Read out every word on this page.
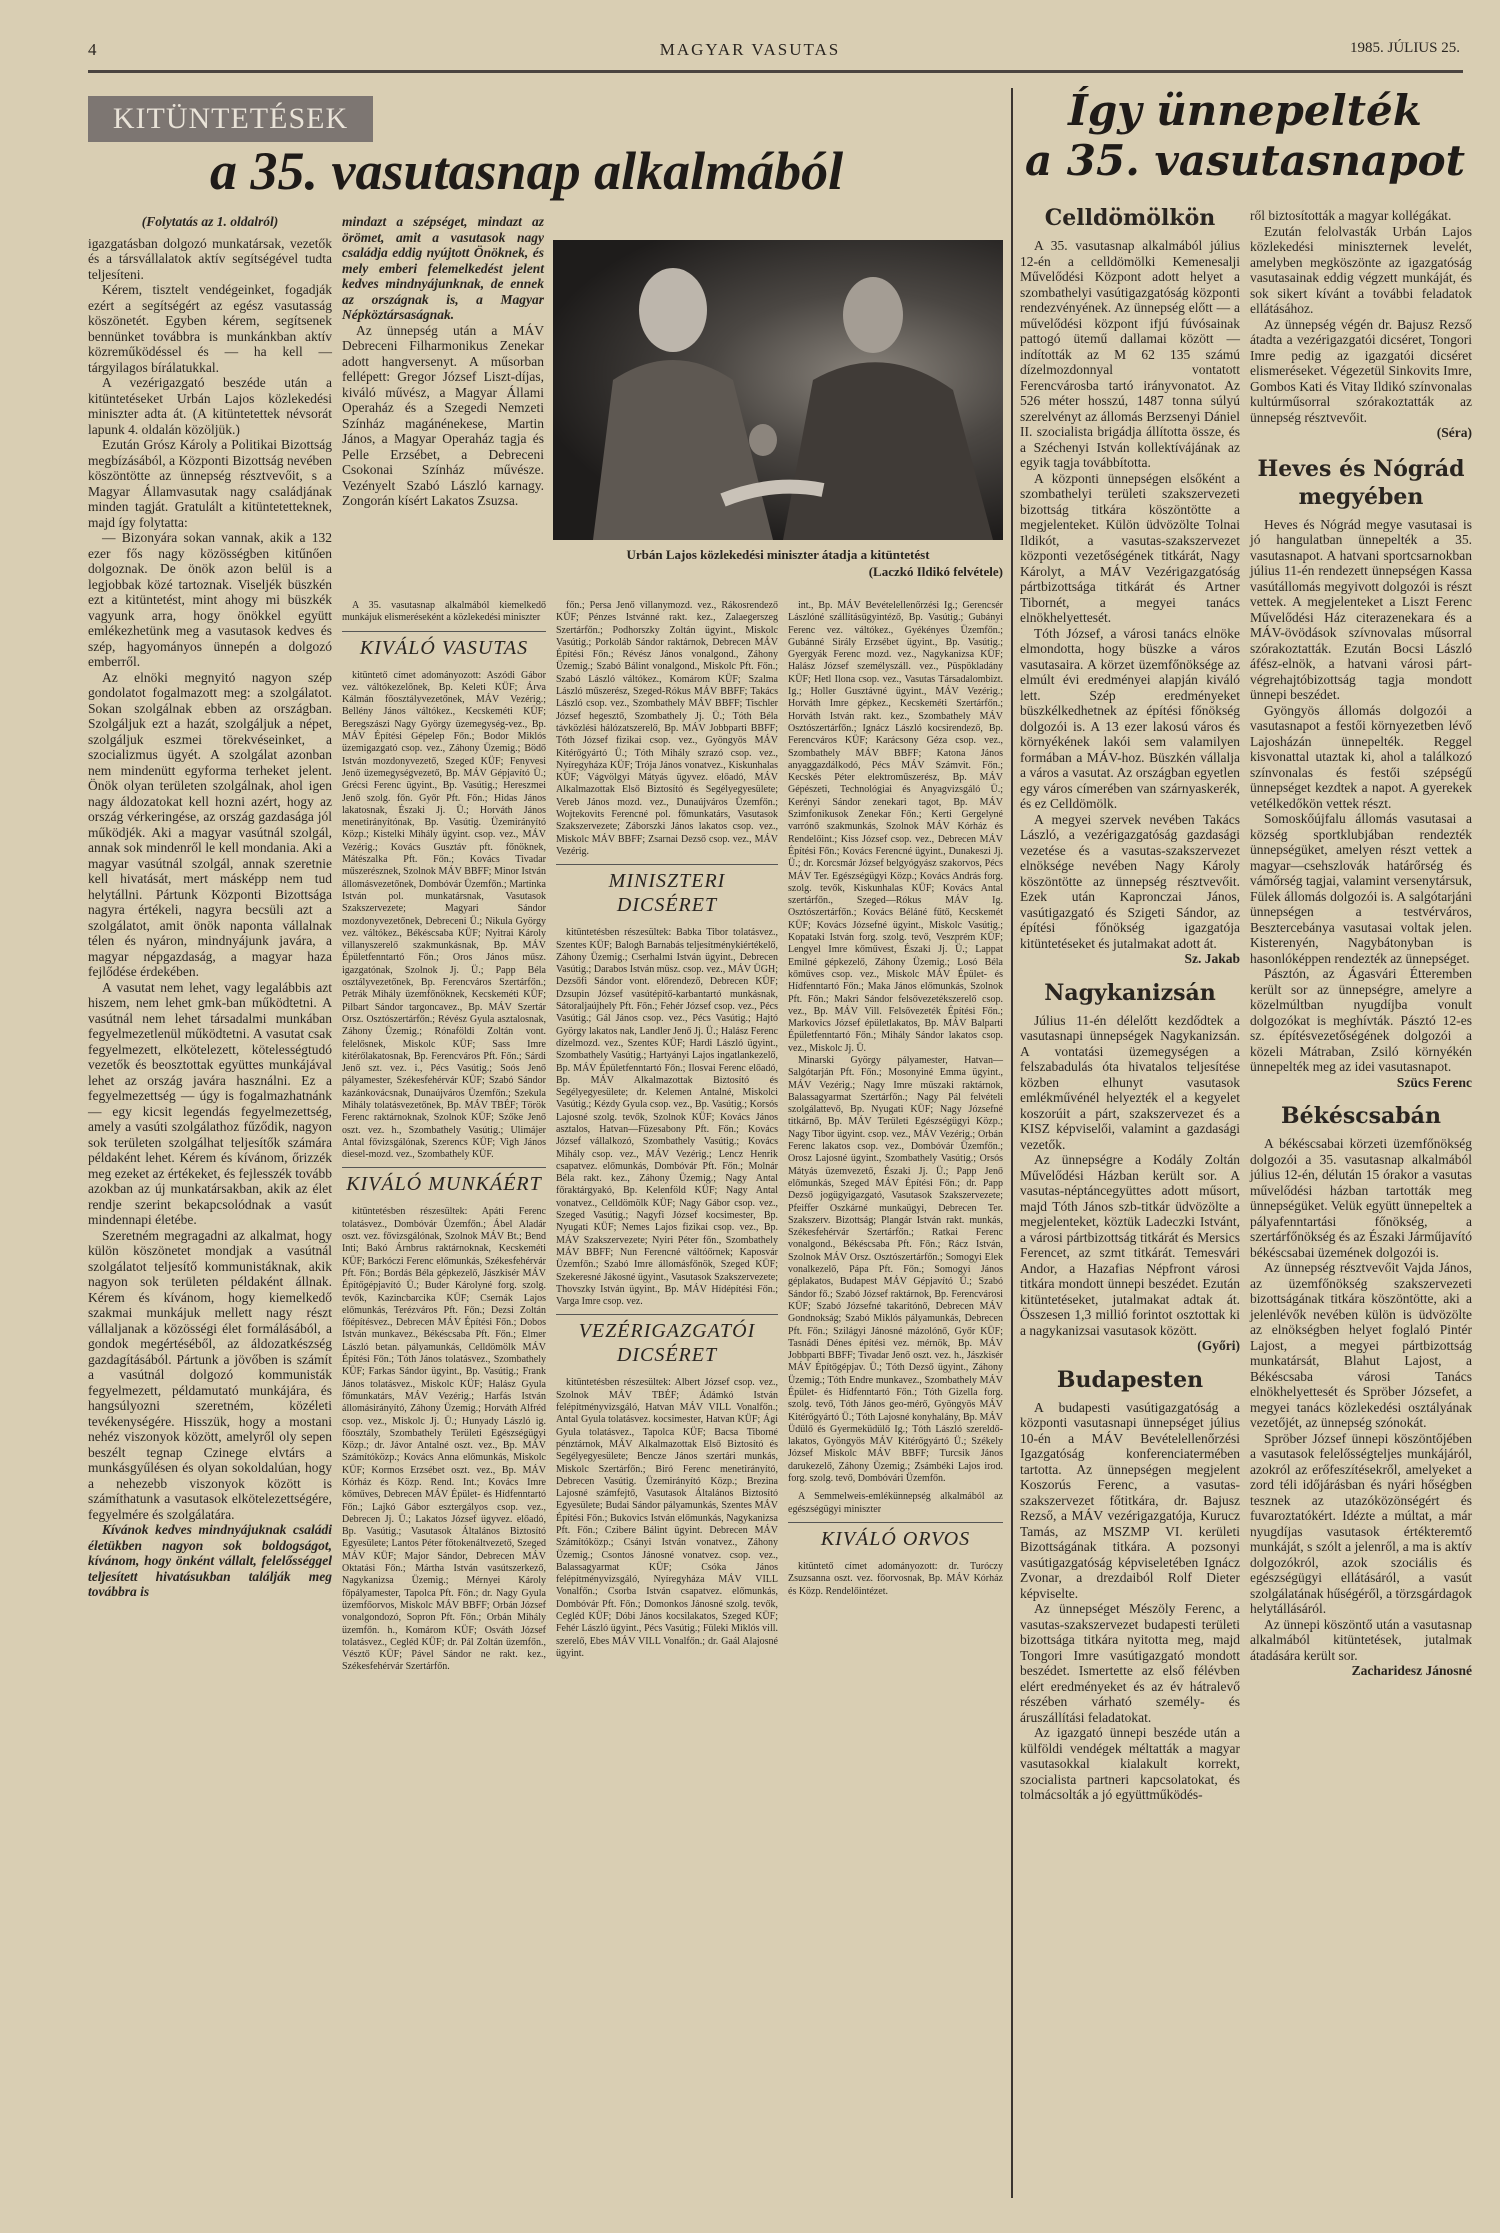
4	MAGYAR VASUTAS	1985. JÚLIUS 25.
KITÜNTETÉSEK
a 35. vasutasnap alkalmából

(Folytatás az 1. oldalról)

igazgatásban dolgozó munkatársak, vezetők és a társvállalatok aktív segítségével tudta teljesíteni.

Kérem, tisztelt vendégeinket, fogadják ezért a segítségért az egész vasutasság köszönetét. Egyben kérem, segítsenek bennünket továbbra is munkánkban aktív közreműködéssel és — ha kell — tárgyilagos bírálatukkal.

A vezérigazgató beszéde után a kitüntetéseket Urbán Lajos közlekedési miniszter adta át. (A kitüntetettek névsorát lapunk 4. oldalán közöljük.)

Ezután Grósz Károly a Politikai Bizottság megbízásából, a Központi Bizottság nevében köszöntötte az ünnepség résztvevőit, s a Magyar Államvasutak nagy családjának minden tagját. Gratulált a kitüntetetteknek, majd így folytatta:

— Bizonyára sokan vannak, akik a 132 ezer fős nagy közösségben kitűnően dolgoznak. De önök azon belül is a legjobbak közé tartoznak. Viseljék büszkén ezt a kitüntetést, mint ahogy mi büszkék vagyunk arra, hogy önökkel együtt emlékezhetünk meg a vasutasok kedves és szép, hagyományos ünnepén a dolgozó emberről.

Az elnöki megnyitó nagyon szép gondolatot fogalmazott meg: a szolgálatot. Sokan szolgálnak ebben az országban. Szolgáljuk ezt a hazát, szolgáljuk a népet, szolgáljuk eszmei törekvéseinket, a szocializmus ügyét. A szolgálat azonban nem mindenütt egyforma terheket jelent. Önök olyan területen szolgálnak, ahol igen nagy áldozatokat kell hozni azért, hogy az ország vérkeringése, az ország gazdasága jól működjék. Aki a magyar vasútnál szolgál, annak sok mindenről le kell mondania. Aki a magyar vasútnál szolgál, annak szeretnie kell hivatását, mert másképp nem tud helytállni. Pártunk Központi Bizottsága nagyra értékeli, nagyra becsüli azt a szolgálatot, amit önök naponta vállalnak télen és nyáron, mindnyájunk javára, a magyar népgazdaság, a magyar haza fejlődése érdekében.

A vasutat nem lehet, vagy legalábbis azt hiszem, nem lehet gmk-ban működtetni. A vasútnál nem lehet társadalmi munkában fegyelmezetlenül működtetni. A vasutat csak fegyelmezett, elkötelezett, kötelességtudó vezetők és beosztottak együttes munkájával lehet az ország javára használni. Ez a fegyelmezettség — úgy is fogalmazhatnánk — egy kicsit legendás fegyelmezettség, amely a vasúti szolgálathoz fűződik, nagyon sok területen szolgálhat teljesítők számára példaként lehet. Kérem és kívánom, őrizzék meg ezeket az értékeket, és fejlesszék tovább azokban az új munkatársakban, akik az élet rendje szerint bekapcsolódnak a vasút mindennapi életébe.

Szeretném megragadni az alkalmat, hogy külön köszönetet mondjak a vasútnál szolgálatot teljesítő kommunistáknak, akik nagyon sok területen példaként állnak. Kérem és kívánom, hogy kiemelkedő szakmai munkájuk mellett nagy részt vállaljanak a közösségi élet formálásából, a gondok megértéséből, az áldozatkészség gazdagításából. Pártunk a jövőben is számít a vasútnál dolgozó kommunisták fegyelmezett, példamutató munkájára, és hangsúlyozni szeretném, közéleti tevékenységére. Hisszük, hogy a mostani nehéz viszonyok között, amelyről oly sepen beszélt tegnap Czinege elvtárs a munkásgyűlésen és olyan sokoldalúan, hogy a nehezebb viszonyok között is számíthatunk a vasutasok elkötelezettségére, fegyelmére és szolgálatára.

Kívánok kedves mindnyájuknak családi életükben nagyon sok boldogságot, kívánom, hogy önként vállalt, felelősséggel teljesített hivatásukban találják meg továbbra is

mindazt a szépséget, mindazt az örömet, amit a vasutasok nagy családja eddig nyújtott Önöknek, és mely emberi felemelkedést jelent kedves mindnyájunknak, de ennek az országnak is, a Magyar Népköztársaságnak.

Az ünnepség után a MÁV Debreceni Filharmonikus Zenekar adott hangversenyt. A műsorban fellépett: Gregor József Liszt-díjas, kiváló művész, a Magyar Állami Operaház és a Szegedi Nemzeti Színház magánénekese, Martin János, a Magyar Operaház tagja és Pelle Erzsébet, a Debreceni Csokonai Színház művésze. Vezényelt Szabó László karnagy. Zongorán kísért Lakatos Zsuzsa.

Urbán Lajos közlekedési miniszter átadja a kitüntetést
(Laczkó Ildikó felvétele)

A 35. vasutasnap alkalmából kiemelkedő munkájuk elismeréseként a közlekedési miniszter

KIVÁLÓ VASUTAS

kitüntető címet adományozott: Aszódi Gábor vez. váltókezelőnek, Bp. Keleti KÜF; Árva Kálmán főosztályvezetőnek, MÁV Vezérig.; Bellény János váltókez., Kecskeméti KÜF; Beregszászi Nagy György üzemegység-vez., Bp. MÁV Építési Gépelep Főn.; Bodor Miklós üzemigazgató csop. vez., Záhony Üzemig.; Bödő István mozdonyvezető, Szeged KÜF; Fenyvesi Jenő üzemegységvezető, Bp. MÁV Gépjavító Ü.; Grécsi Ferenc ügyint., Bp. Vasútig.; Hereszmei Jenő szolg. főn. Győr Pft. Főn.; Hidas János lakatosnak, Északi Jj. Ü.; Horváth János menetirányítónak, Bp. Vasútig. Üzemirányító Közp.; Kistelki Mihály ügyint. csop. vez., MÁV Vezérig.; Kovács Gusztáv pft. főnöknek, Mátészalka Pft. Főn.; Kovács Tivadar műszerésznek, Szolnok MÁV BBFF; Minor István állomásvezetőnek, Dombóvár Üzemfőn.; Martinka István pol. munkatársnak, Vasutasok Szakszervezete; Magyari Sándor mozdonyvezetőnek, Debreceni Ü.; Nikula György vez. váltókez., Békéscsaba KÜF; Nyitrai Károly villanyszerelő szakmunkásnak, Bp. MÁV Épületfenntartó Főn.; Oros János műsz. igazgatónak, Szolnok Jj. Ü.; Papp Béla osztályvezetőnek, Bp. Ferencváros Szertárfőn.; Petrák Mihály üzemfőnöknek, Kecskeméti KÜF; Pilbart Sándor targoncavez., Bp. MÁV Szertár Orsz. Osztószertárfőn.; Révész Gyula asztalosnak, Záhony Üzemig.; Rónaföldi Zoltán vont. felelősnek, Miskolc KÜF; Sass Imre kitérőlakatosnak, Bp. Ferencváros Pft. Főn.; Sárdi Jenő szt. vez. i., Pécs Vasútig.; Soós Jenő pályamester, Székesfehérvár KÜF; Szabó Sándor kazánkovácsnak, Dunaújváros Üzemfőn.; Szekula Mihály tolatásvezetőnek, Bp. MÁV TBÉF; Török Ferenc raktárnoknak, Szolnok KÜF; Szőke Jenő oszt. vez. h., Szombathely Vasútig.; Ulimájer Antal fővizsgálónak, Szerencs KÜF; Vigh János diesel-mozd. vez., Szombathely KÜF.

KIVÁLÓ MUNKÁÉRT

kitüntetésben részesültek: Apáti Ferenc tolatásvez., Dombóvár Üzemfőn.; Ábel Aladár oszt. vez. fővizsgálónak, Szolnok MÁV Bt.; Bend Inti; Bakó Árnbrus raktárnoknak, Kecskeméti KÜF; Barkóczi Ferenc előmunkás, Székesfehérvár Pft. Főn.; Bordás Béla gépkezelő, Jászkisér MÁV Építőgépjavító Ü.; Buder Károlyné forg. szolg. tevők, Kazincbarcika KÜF; Csernák Lajos előmunkás, Terézváros Pft. Főn.; Dezsi Zoltán főépítésvez., Debrecen MÁV Építési Főn.; Dobos István munkavez., Békéscsaba Pft. Főn.; Elmer László betan. pályamunkás, Celldömölk MÁV Építési Főn.; Tóth János tolatásvez., Szombathely KÜF; Farkas Sándor ügyint., Bp. Vasútig.; Frank János tolatásvez., Miskolc KÜF; Halász Gyula főmunkatárs, MÁV Vezérig.; Harfás István állomásirányító, Záhony Üzemig.; Horváth Alfréd csop. vez., Miskolc Jj. Ü.; Hunyady László ig. főosztály, Szombathely Területi Egészségügyi Közp.; dr. Jávor Antalné oszt. vez., Bp. MÁV Számítóközp.; Kovács Anna előmunkás, Miskolc KÜF; Kormos Erzsébet oszt. vez., Bp. MÁV Kórház és Közp. Rend. Int.; Kovács Imre kőműves, Debrecen MÁV Épület- és Hídfenntartó Főn.; Lajkó Gábor esztergályos csop. vez., Debrecen Jj. Ü.; Lakatos József ügyvez. előadó, Bp. Vasútig.; Vasutasok Általános Biztosító Egyesülete; Lantos Péter főtokenáltvezető, Szeged MÁV KÜF; Major Sándor, Debrecen MÁV Oktatási Főn.; Mártha István vasútszerkező, Nagykanizsa Üzemig.; Mérnyei Károly főpályamester, Tapolca Pft. Főn.; dr. Nagy Gyula üzemfőorvos, Miskolc MÁV BBFF; Orbán József vonalgondozó, Sopron Pft. Főn.; Orbán Mihály üzemfőn. h., Komárom KÜF; Osváth József tolatásvez., Cegléd KÜF; dr. Pál Zoltán üzemfőn., Vésztő KÜF; Pável Sándor ne rakt. kez., Székesfehérvár Szertárfőn.

főn.; Persa Jenő villanymozd. vez., Rákosrendező KÜF; Pénzes Istvánné rakt. kez., Zalaegerszeg Szertárfőn.; Podhorszky Zoltán ügyint., Miskolc Vasútig.; Porkoláb Sándor raktárnok, Debrecen MÁV Építési Főn.; Révész János vonalgond., Záhony Üzemig.; Szabó Bálint vonalgond., Miskolc Pft. Főn.; Szabó László váltókez., Komárom KÜF; Szalma László műszerész, Szeged-Rókus MÁV BBFF; Takács László csop. vez., Szombathely MÁV BBFF; Tischler József hegesztő, Szombathely Jj. Ü.; Tóth Béla távközlési hálózatszerelő, Bp. MÁV Jobbparti BBFF; Tóth József fizikai csop. vez., Gyöngyös MÁV Kitérőgyártó Ü.; Tóth Mihály szrazó csop. vez., Nyíregyháza KÜF; Trója János vonatvez., Kiskunhalas KÜF; Vágvölgyi Mátyás ügyvez. előadó, MÁV Alkalmazottak Első Biztosító és Segélyegyesülete; Vereb János mozd. vez., Dunaújváros Üzemfőn.; Wojtekovits Ferencné pol. főmunkatárs, Vasutasok Szakszervezete; Záborszki János lakatos csop. vez., Miskolc MÁV BBFF; Zsarnai Dezső csop. vez., MÁV Vezérig.

MINISZTERI DICSÉRET

kitüntetésben részesültek: Babka Tibor tolatásvez., Szentes KÜF; Balogh Barnabás teljesítménykiértékelő, Záhony Üzemig.; Cserhalmi István ügyint., Debrecen Vasútig.; Darabos István műsz. csop. vez., MÁV ÜGH; Dezsőfi Sándor vont. előrendező, Debrecen KÜF; Dzsupin József vasútépítő-karbantartó munkásnak, Sátoraljaújhely Pft. Főn.; Fehér József csop. vez., Pécs Vasútig.; Gál János csop. vez., Pécs Vasútig.; Hajtó György lakatos nak, Landler Jenő Jj. Ü.; Halász Ferenc dízelmozd. vez., Szentes KÜF; Hardi László ügyint., Szombathely Vasútig.; Hartyányi Lajos ingatlankezelő, Bp. MÁV Épületfenntartó Főn.; Ilosvai Ferenc előadó, Bp. MÁV Alkalmazottak Biztosító és Segélyegyesülete; dr. Kelemen Antalné, Miskolci Vasútig.; Kézdy Gyula csop. vez., Bp. Vasútig.; Korsós Lajosné szolg. tevők, Szolnok KÜF; Kovács János asztalos, Hatvan—Füzesabony Pft. Főn.; Kovács József vállalkozó, Szombathely Vasútig.; Kovács Mihály csop. vez., MÁV Vezérig.; Lencz Henrik csapatvez. előmunkás, Dombóvár Pft. Főn.; Molnár Béla rakt. kez., Záhony Üzemig.; Nagy Antal főraktárgyakó, Bp. Kelenföld KÜF; Nagy Antal vonatvez., Celldömölk KÜF; Nagy Gábor csop. vez., Szeged Vasútig.; Nagyfi József kocsimester, Bp. Nyugati KÜF; Nemes Lajos fizikai csop. vez., Bp. MÁV Szakszervezete; Nyiri Péter főn., Szombathely MÁV BBFF; Nun Ferencné váltóőrnek; Kaposvár Üzemfőn.; Szabó Imre állomásfőnök, Szeged KÜF; Szekeresné Jákosné ügyint., Vasutasok Szakszervezete; Thovszky István ügyint., Bp. MÁV Hídépítési Főn.; Varga Imre csop. vez.

VEZÉRIGAZGATÓI DICSÉRET

kitüntetésben részesültek: Albert József csop. vez., Szolnok MÁV TBÉF; Ádámkó István felépítményvizsgáló, Hatvan MÁV VILL Vonalfőn.; Antal Gyula tolatásvez. kocsimester, Hatvan KÜF; Ági Gyula tolatásvez., Tapolca KÜF; Bacsa Tiborné pénztárnok, MÁV Alkalmazottak Első Biztosító és Segélyegyesülete; Bencze János szertári munkás, Miskolc Szertárfőn.; Biró Ferenc menetirányító, Debrecen Vasútig. Üzemirányító Közp.; Brezina Lajosné számfejtő, Vasutasok Általános Biztosító Egyesülete; Budai Sándor pályamunkás, Szentes MÁV Építési Főn.; Bukovics István előmunkás, Nagykanizsa Pft. Főn.; Czibere Bálint ügyint. Debrecen MÁV Számítóközp.; Csányi István vonatvez., Záhony Üzemig.; Csontos Jánosné vonatvez. csop. vez., Balassagyarmat KÜF; Csóka János felépítményvizsgáló, Nyíregyháza MÁV VILL Vonalfőn.; Csorba István csapatvez. előmunkás, Dombóvár Pft. Főn.; Domonkos Jánosné szolg. tevők, Cegléd KÜF; Dóbi János kocsilakatos, Szeged KÜF; Fehér László ügyint., Pécs Vasútig.; Füleki Miklós vill. szerelő, Ebes MÁV VILL Vonalfőn.; dr. Gaál Alajosné ügyint.

int., Bp. MÁV Bevételellenőrzési Ig.; Gerencsér Lászlóné szállításügyintéző, Bp. Vasútig.; Gubányi Ferenc vez. váltókez., Gyékényes Üzemfőn.; Gubánné Sirály Erzsébet ügyint., Bp. Vasútig.; Gyergyák Ferenc mozd. vez., Nagykanizsa KÜF; Halász József személyszáll. vez., Püspökladány KÜF; Hetl Ilona csop. vez., Vasutas Társadalombizt. Ig.; Holler Gusztávné ügyint., MÁV Vezérig.; Horváth Imre gépkez., Kecskeméti Szertárfőn.; Horváth István rakt. kez., Szombathely MÁV Osztószertárfőn.; Ignácz László kocsirendező, Bp. Ferencváros KÜF; Karácsony Géza csop. vez., Szombathely MÁV BBFF; Katona János anyaggazdálkodó, Pécs MÁV Számvit. Főn.; Kecskés Péter elektroműszerész, Bp. MÁV Gépészeti, Technológiai és Anyagvizsgáló Ü.; Kerényi Sándor zenekari tagot, Bp. MÁV Szimfonikusok Zenekar Főn.; Kerti Gergelyné varrónő szakmunkás, Szolnok MÁV Kórház és Rendelőint.; Kiss József csop. vez., Debrecen MÁV Építési Főn.; Kovács Ferencné ügyint., Dunakeszi Jj. Ü.; dr. Korcsmár József belgyógyász szakorvos, Pécs MÁV Ter. Egészségügyi Közp.; Kovács András forg. szolg. tevők, Kiskunhalas KÜF; Kovács Antal szertárfőn., Szeged—Rókus MÁV Ig. Osztószertárfőn.; Kovács Béláné fűtő, Kecskemét KÜF; Kovács Józsefné ügyint., Miskolc Vasútig.; Kopataki István forg. szolg. tevő, Veszprém KÜF; Lengyel Imre kőművest, Északi Jj. Ü.; Lappat Emilné gépkezelő, Záhony Üzemig.; Losó Béla kőműves csop. vez., Miskolc MÁV Épület- és Hídfenntartó Főn.; Maka János előmunkás, Szolnok Pft. Főn.; Makri Sándor felsővezetékszerelő csop. vez., Bp. MÁV Vill. Felsővezeték Építési Főn.; Markovics József épületlakatos, Bp. MÁV Balparti Épületfenntartó Főn.; Mihály Sándor lakatos csop. vez., Miskolc Jj. Ü.

Minarski György pályamester, Hatvan—Salgótarján Pft. Főn.; Mosonyiné Emma ügyint., MÁV Vezérig.; Nagy Imre műszaki raktárnok, Balassagyarmat Szertárfőn.; Nagy Pál felvételi szolgálattevő, Bp. Nyugati KÜF; Nagy Józsefné titkárnő, Bp. MÁV Területi Egészségügyi Közp.; Nagy Tibor ügyint. csop. vez., MÁV Vezérig.; Orbán Ferenc lakatos csop. vez., Dombóvár Üzemfőn.; Orosz Lajosné ügyint., Szombathely Vasútig.; Orsós Mátyás üzemvezető, Északi Jj. Ü.; Papp Jenő előmunkás, Szeged MÁV Építési Főn.; dr. Papp Dezső jogügyigazgató, Vasutasok Szakszervezete; Pfeiffer Oszkárné munkaügyi, Debrecen Ter. Szakszerv. Bizottság; Plangár István rakt. munkás, Székesfehérvár Szertárfőn.; Ratkai Ferenc vonalgond., Békéscsaba Pft. Főn.; Rácz István, Szolnok MÁV Orsz. Osztószertárfőn.; Somogyi Elek vonalkezelő, Pápa Pft. Főn.; Somogyi János géplakatos, Budapest MÁV Gépjavító Ü.; Szabó Sándor fő.; Szabó József raktárnok, Bp. Ferencvárosi KÜF; Szabó Józsefné takarítónő, Debrecen MÁV Gondnokság; Szabó Miklós pályamunkás, Debrecen Pft. Főn.; Szilágyi Jánosné mázolónő, Győr KÜF; Tasnádi Dénes építési vez. mérnök, Bp. MÁV Jobbparti BBFF; Tivadar Jenő oszt. vez. h., Jászkisér MÁV Építőgépjav. Ü.; Tóth Dezső ügyint., Záhony Üzemig.; Tóth Endre munkavez., Szombathely MÁV Épület- és Hídfenntartó Főn.; Tóth Gizella forg. szolg. tevő, Tóth János geo-mérő, Gyöngyös MÁV Kitérőgyártó Ü.; Tóth Lajosné konyhalány, Bp. MÁV Üdülő és Gyermeküdülő Ig.; Tóth László szereldő-lakatos, Gyöngyös MÁV Kitérőgyártó Ü.; Székely József Miskolc MÁV BBFF; Turcsik János darukezelő, Záhony Üzemig.; Zsámbéki Lajos irod. forg. szolg. tevő, Dombóvári Üzemfőn.

A Semmelweis-emlékünnepség alkalmából az egészségügyi miniszter

KIVÁLÓ ORVOS

kitüntető címet adományozott: dr. Turóczy Zsuzsanna oszt. vez. főorvosnak, Bp. MÁV Kórház és Közp. Rendelőintézet.

Így ünnepelték
a 35. vasutasnapot
Celldömölkön

A 35. vasutasnap alkalmából július 12-én a celldömölki Kemenesalji Művelődési Központ adott helyet a szombathelyi vasútigazgatóság központi rendezvényének. Az ünnepség előtt — a művelődési központ ifjú fúvósainak pattogó ütemű dallamai között — indították az M 62 135 számú dízelmozdonnyal vontatott Ferencvárosba tartó irányvonatot. Az 526 méter hosszú, 1487 tonna súlyú szerelvényt az állomás Berzsenyi Dániel II. szocialista brigádja állította össze, és a Széchenyi István kollektívájának az egyik tagja továbbította.

A központi ünnepségen elsőként a szombathelyi területi szakszervezeti bizottság titkára köszöntötte a megjelenteket. Külön üdvözölte Tolnai Ildikót, a vasutas-szakszervezet központi vezetőségének titkárát, Nagy Károlyt, a MÁV Vezérigazgatóság pártbizottsága titkárát és Artner Tibornét, a megyei tanács elnökhelyettesét.

Tóth József, a városi tanács elnöke elmondotta, hogy büszke a város vasutasaira. A körzet üzemfőnöksége az elmúlt évi eredményei alapján kiváló lett. Szép eredményeket büszkélkedhetnek az építési főnökség dolgozói is. A 13 ezer lakosú város és környékének lakói sem valamilyen formában a MÁV-hoz. Büszkén vállalja a város a vasutat. Az országban egyetlen egy város címerében van szárnyaskerék, és ez Celldömölk.

A megyei szervek nevében Takács László, a vezérigazgatóság gazdasági vezetése és a vasutas-szakszervezet elnöksége nevében Nagy Károly köszöntötte az ünnepség résztvevőit. Ezek után Kapronczai János, vasútigazgató és Szigeti Sándor, az építési főnökség igazgatója kitüntetéseket és jutalmakat adott át.

Sz. Jakab

Nagykanizsán

Július 11-én délelőtt kezdődtek a vasutasnapi ünnepségek Nagykanizsán. A vontatási üzemegységen a felszabadulás óta hivatalos teljesítése közben elhunyt vasutasok emlékművénél helyezték el a kegyelet koszorúit a párt, szakszervezet és a KISZ képviselői, valamint a gazdasági vezetők.

Az ünnepségre a Kodály Zoltán Művelődési Házban került sor. A vasutas-néptáncegyüttes adott műsort, majd Tóth János szb-titkár üdvözölte a megjelenteket, köztük Ladeczki Istvánt, a városi pártbizottság titkárát és Mersics Ferencet, az szmt titkárát. Temesvári Andor, a Hazafias Népfront városi titkára mondott ünnepi beszédet. Ezután kitüntetéseket, jutalmakat adtak át. Összesen 1,3 millió forintot osztottak ki a nagykanizsai vasutasok között.

(Győri)

Budapesten

A budapesti vasútigazgatóság a központi vasutasnapi ünnepséget július 10-én a MÁV Bevételellenőrzési Igazgatóság konferenciatermében tartotta. Az ünnepségen megjelent Koszorús Ferenc, a vasutas-szakszervezet főtitkára, dr. Bajusz Rezső, a MÁV vezérigazgatója, Kurucz Tamás, az MSZMP VI. kerületi Bizottságának titkára. A pozsonyi vasútigazgatóság képviseletében Ignácz Zvonar, a drezdaiból Rolf Dieter képviselte.

Az ünnepséget Mészöly Ferenc, a vasutas-szakszervezet budapesti területi bizottsága titkára nyitotta meg, majd Tongori Imre vasútigazgató mondott beszédet. Ismertette az első félévben elért eredményeket és az év hátralevő részében várható személy- és áruszállítási feladatokat.

Az igazgató ünnepi beszéde után a külföldi vendégek méltatták a magyar vasutasokkal kialakult korrekt, szocialista partneri kapcsolatokat, és tolmácsolták a jó együttműködés-

ről biztosították a magyar kollégákat.

Ezután felolvasták Urbán Lajos közlekedési miniszternek levelét, amelyben megköszönte az igazgatóság vasutasainak eddig végzett munkáját, és sok sikert kívánt a további feladatok ellátásához.

Az ünnepség végén dr. Bajusz Rezső átadta a vezérigazgatói dicséret, Tongori Imre pedig az igazgatói dicséret elismeréseket. Végezetül Sinkovits Imre, Gombos Kati és Vitay Ildikó színvonalas kultúrműsorral szórakoztatták az ünnepség résztvevőit.

(Séra)

Heves és Nógrád megyében

Heves és Nógrád megye vasutasai is jó hangulatban ünnepelték a 35. vasutasnapot. A hatvani sportcsarnokban július 11-én rendezett ünnepségen Kassa vasútállomás megyivott dolgozói is részt vettek. A megjelenteket a Liszt Ferenc Művelődési Ház citerazenekara és a MÁV-övödások szívnovalas műsorral szórakoztatták. Ezután Bocsi László áfész-elnök, a hatvani városi párt-végrehajtóbizottság tagja mondott ünnepi beszédet.

Gyöngyös állomás dolgozói a vasutasnapot a festői környezetben lévő Lajosházán ünnepelték. Reggel kisvonattal utaztak ki, ahol a találkozó színvonalas és festői szépségű ünnepséget kezdtek a napot. A gyerekek vetélkedőkön vettek részt.

Somoskőújfalu állomás vasutasai a község sportklubjában rendezték ünnepségüket, amelyen részt vettek a magyar—csehszlovák határőrség és vámőrség tagjai, valamint versenytársuk, Fülek állomás dolgozói is. A salgótarjáni ünnepségen a testvérváros, Besztercebánya vasutasai voltak jelen. Kisterenyén, Nagybátonyban is hasonlóképpen rendezték az ünnepséget.

Pásztón, az Ágasvári Étteremben került sor az ünnepségre, amelyre a közelmúltban nyugdíjba vonult dolgozókat is meghívták. Pásztó 12-es sz. építésvezetőségének dolgozói a közeli Mátraban, Zsiló környékén ünnepelték meg az idei vasutasnapot.

Szücs Ferenc

Békéscsabán

A békéscsabai körzeti üzemfőnökség dolgozói a 35. vasutasnap alkalmából július 12-én, délután 15 órakor a vasutas művelődési házban tartották meg ünnepségüket. Velük együtt ünnepeltek a pályafenntartási főnökség, a szertárfőnökség és az Északi Járműjavító békéscsabai üzemének dolgozói is.

Az ünnepség résztvevőit Vajda János, az üzemfőnökség szakszervezeti bizottságának titkára köszöntötte, aki a jelenlévők nevében külön is üdvözölte az elnökségben helyet foglaló Pintér Lajost, a megyei pártbizottság munkatársát, Blahut Lajost, a Békéscsaba városi Tanács elnökhelyettesét és Spröber Józsefet, a megyei tanács közlekedési osztályának vezetőjét, az ünnepség szónokát.

Spröber József ünnepi köszöntőjében a vasutasok felelősségteljes munkájáról, azokról az erőfeszítésekről, amelyeket a zord téli időjárásban és nyári hőségben tesznek az utazóközönségért és fuvaroztatókért. Idézte a múltat, a már nyugdíjas vasutasok értékteremtő munkáját, s szólt a jelenről, a ma is aktív dolgozókról, azok szociális és egészségügyi ellátásáról, a vasút szolgálatának hűségéről, a törzsgárdagok helytállásáról.

Az ünnepi köszöntő után a vasutasnap alkalmából kitüntetések, jutalmak átadására került sor.

Zacharidesz Jánosné
